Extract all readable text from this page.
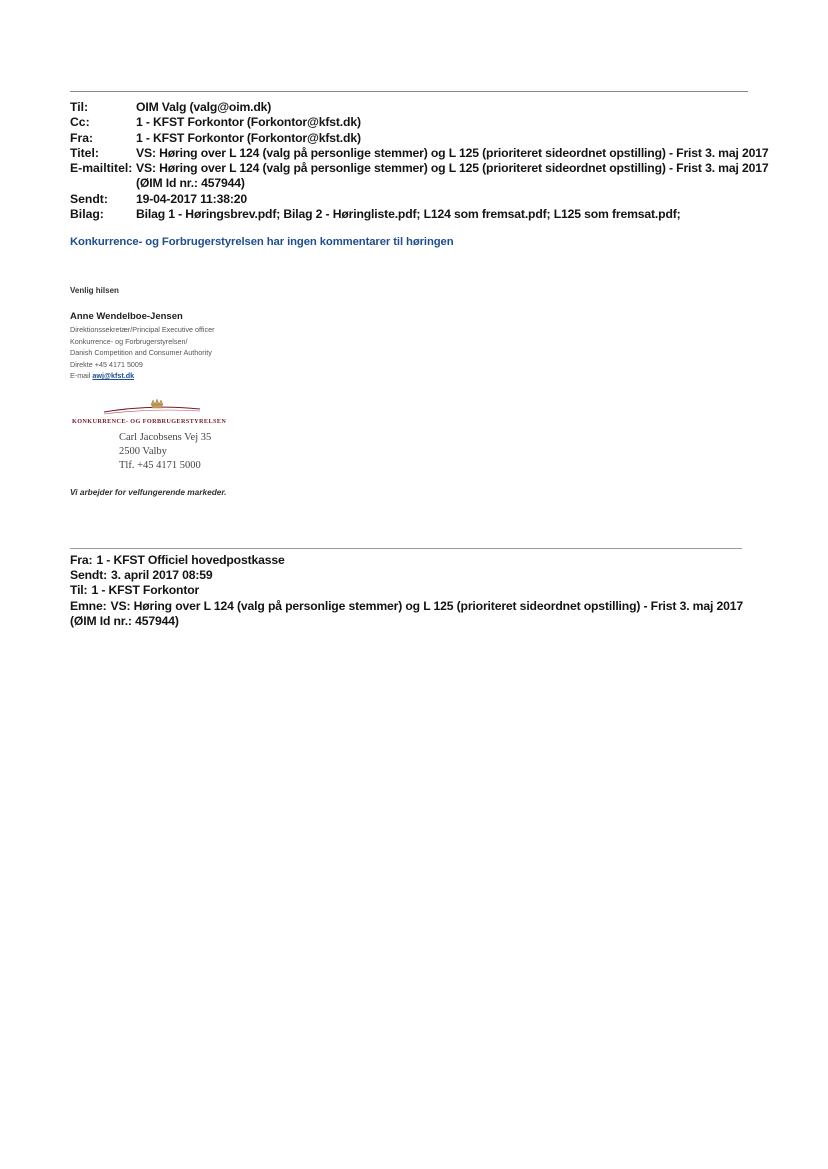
Til:	OIM Valg (valg@oim.dk)
Cc:	1 - KFST Forkontor (Forkontor@kfst.dk)
Fra:	1 - KFST Forkontor (Forkontor@kfst.dk)
Titel:	VS: Høring over L 124 (valg på personlige stemmer) og L 125 (prioriteret sideordnet opstilling) - Frist 3. maj 2017
E-mailtitel: VS: Høring over L 124 (valg på personlige stemmer) og L 125 (prioriteret sideordnet opstilling) - Frist 3. maj 2017
(ØIM Id nr.: 457944)
Sendt:	19-04-2017 11:38:20
Bilag:	Bilag 1 - Høringsbrev.pdf; Bilag 2 - Høringliste.pdf; L124 som fremsat.pdf; L125 som fremsat.pdf;
Konkurrence- og Forbrugerstyrelsen har ingen kommentarer til høringen
Venlig hilsen
Anne Wendelboe-Jensen
Direktionssekretær/Principal Executive officer
Konkurrence- og Forbrugerstyrelsen/
Danish Competition and Consumer Authority
Direkte +45 4171 5009
E-mail awj@kfst.dk
KONKURRENCE- OG FORBRUGERSTYRELSEN
Carl Jacobsens Vej 35
2500 Valby
Tlf. +45 4171 5000
Vi arbejder for velfungerende markeder.
Fra: 1 - KFST Officiel hovedpostkasse
Sendt: 3. april 2017 08:59
Til: 1 - KFST Forkontor
Emne: VS: Høring over L 124 (valg på personlige stemmer) og L 125 (prioriteret sideordnet opstilling) - Frist 3. maj 2017
(ØIM Id nr.: 457944)
